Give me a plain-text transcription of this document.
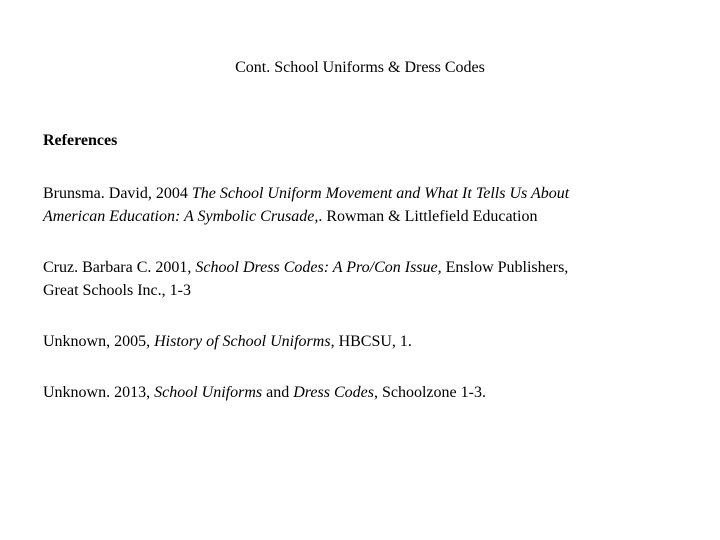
Cont. School Uniforms & Dress Codes
References
Brunsma. David, 2004 The School Uniform Movement and What It Tells Us About
American Education: A Symbolic Crusade,. Rowman & Littlefield Education
Cruz. Barbara C. 2001, School Dress Codes: A Pro/Con Issue, Enslow Publishers,
Great Schools Inc., 1-3
Unknown, 2005, History of School Uniforms, HBCSU, 1.
Unknown. 2013, School Uniforms and Dress Codes, Schoolzone 1-3.
